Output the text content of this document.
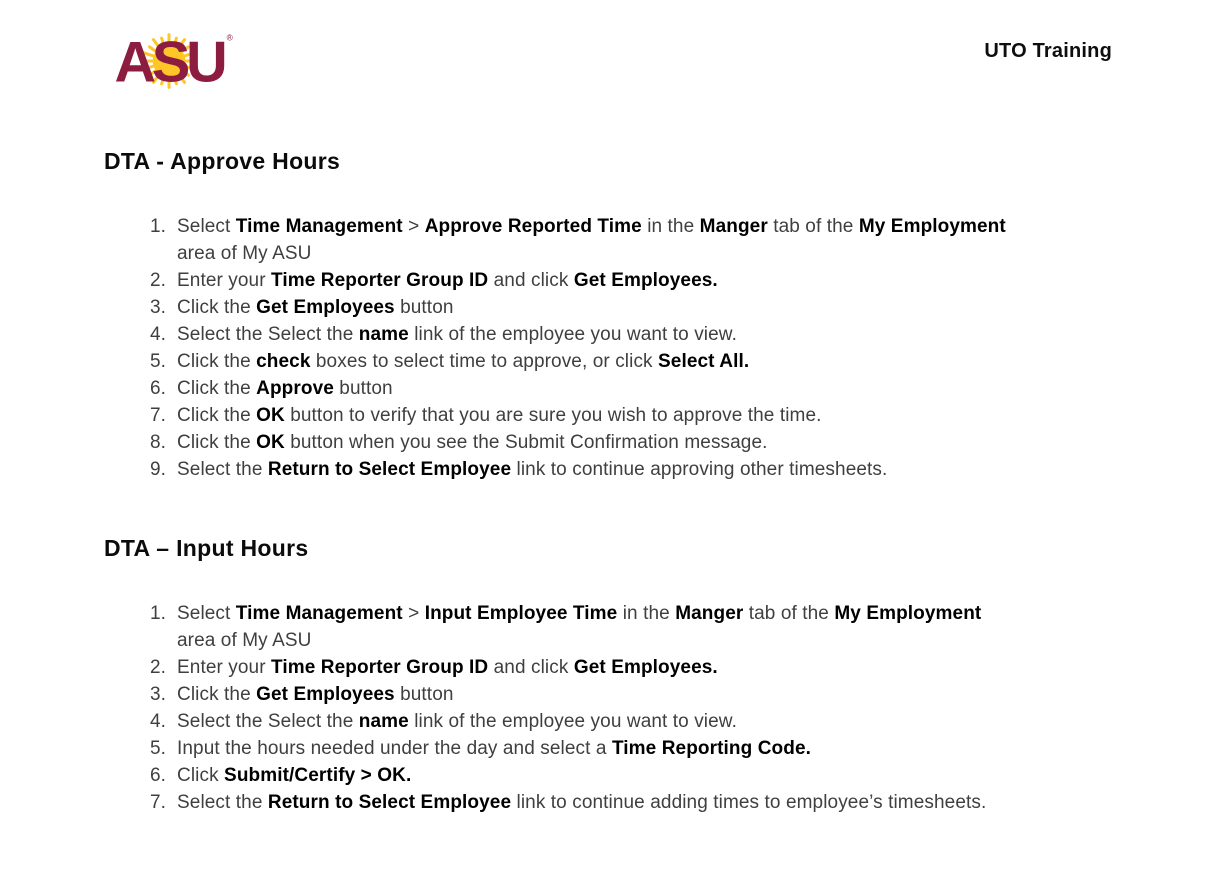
ASU ®
UTO Training
DTA - Approve Hours
Select Time Management > Approve Reported Time in the Manger tab of the My Employment area of My ASU
Enter your Time Reporter Group ID and click Get Employees.
Click the Get Employees button
Select the Select the name link of the employee you want to view.
Click the check boxes to select time to approve, or click Select All.
Click the Approve button
Click the OK button to verify that you are sure you wish to approve the time.
Click the OK button when you see the Submit Confirmation message.
Select the Return to Select Employee link to continue approving other timesheets.
DTA – Input Hours
Select Time Management > Input Employee Time in the Manger tab of the My Employment area of My ASU
Enter your Time Reporter Group ID and click Get Employees.
Click the Get Employees button
Select the Select the name link of the employee you want to view.
Input the hours needed under the day and select a Time Reporting Code.
Click Submit/Certify > OK.
Select the Return to Select Employee link to continue adding times to employee’s timesheets.
